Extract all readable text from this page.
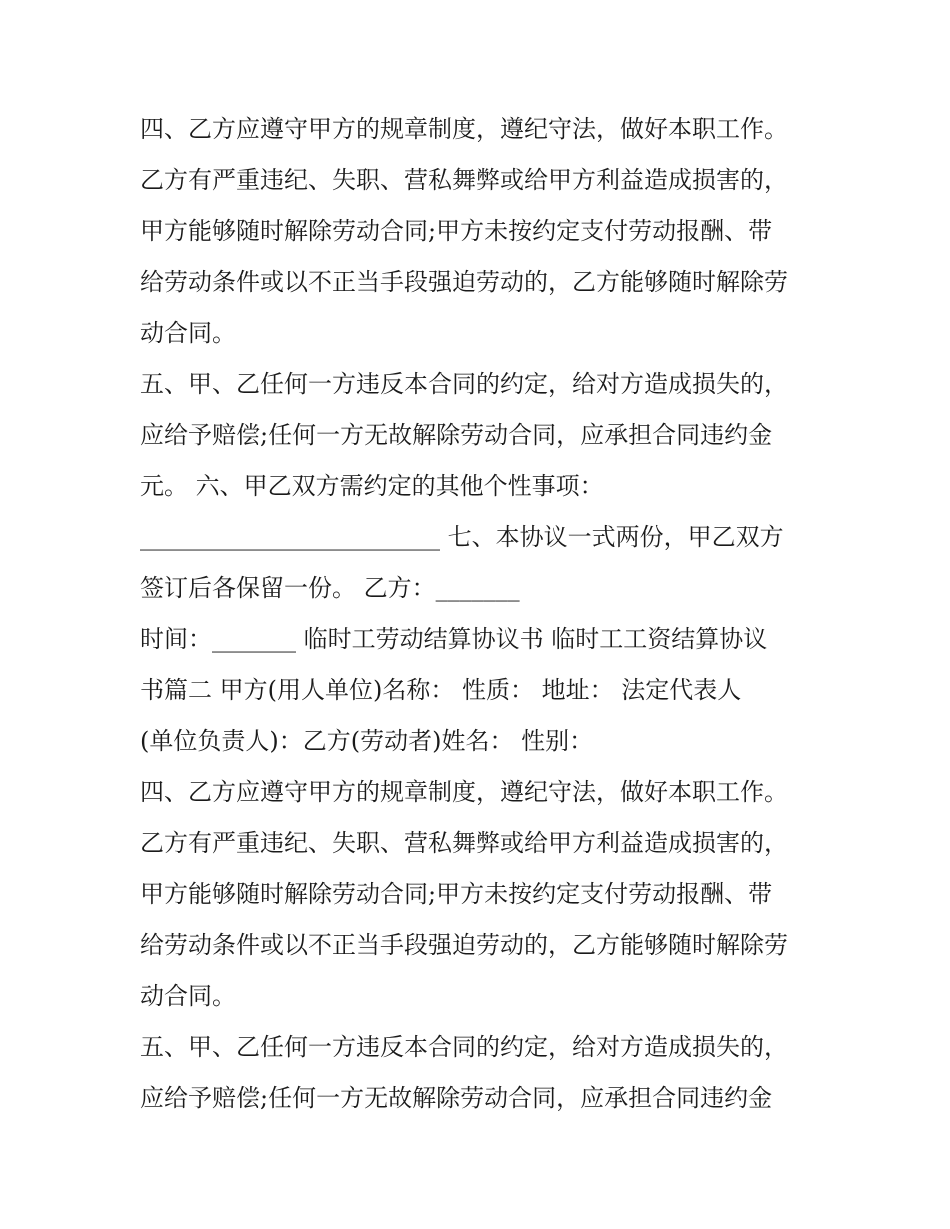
四、乙方应遵守甲方的规章制度，遵纪守法，做好本职工作。
乙方有严重违纪、失职、营私舞弊或给甲方利益造成损害的，
甲方能够随时解除劳动合同;甲方未按约定支付劳动报酬、带
给劳动条件或以不正当手段强迫劳动的，乙方能够随时解除劳
动合同。
五、甲、乙任何一方违反本合同的约定，给对方造成损失的，
应给予赔偿;任何一方无故解除劳动合同，应承担合同违约金
元。 六、甲乙双方需约定的其他个性事项：
_________________________ 七、本协议一式两份，甲乙双方
签订后各保留一份。 乙方：_______
时间：_______ 临时工劳动结算协议书 临时工工资结算协议
书篇二 甲方(用人单位)名称： 性质： 地址： 法定代表人
(单位负责人)：乙方(劳动者)姓名： 性别：
四、乙方应遵守甲方的规章制度，遵纪守法，做好本职工作。
乙方有严重违纪、失职、营私舞弊或给甲方利益造成损害的，
甲方能够随时解除劳动合同;甲方未按约定支付劳动报酬、带
给劳动条件或以不正当手段强迫劳动的，乙方能够随时解除劳
动合同。
五、甲、乙任何一方违反本合同的约定，给对方造成损失的，
应给予赔偿;任何一方无故解除劳动合同，应承担合同违约金
